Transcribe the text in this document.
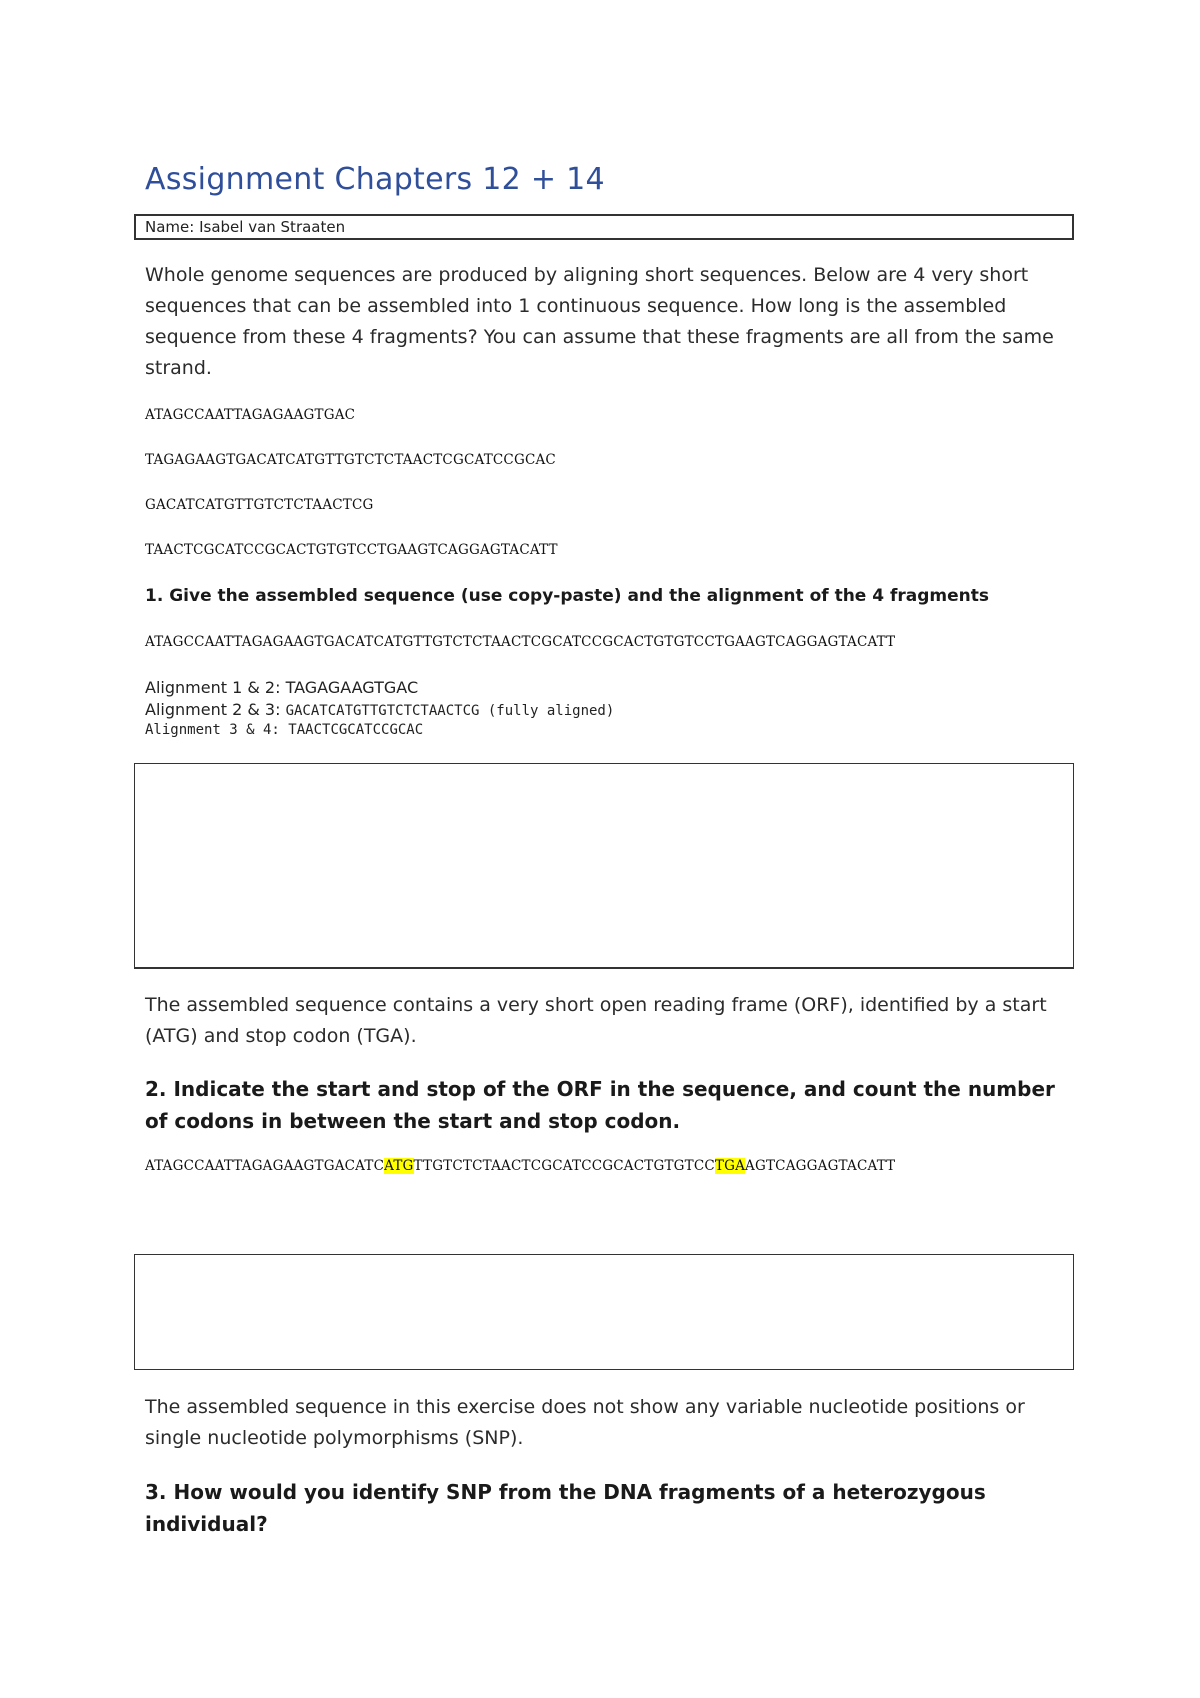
Assignment Chapters 12 + 14
Name: Isabel van Straaten
Whole genome sequences are produced by aligning short sequences. Below are 4 very short sequences that can be assembled into 1 continuous sequence. How long is the assembled sequence from these 4 fragments? You can assume that these fragments are all from the same strand.
ATAGCCAATTAGAGAAGTGAC
TAGAGAAGTGACATCATGTTGTCTCTAACTCGCATCCGCAC
GACATCATGTTGTCTCTAACTCG
TAACTCGCATCCGCACTGTGTCCTGAAGTCAGGAGTACATT
1. Give the assembled sequence (use copy-paste) and the alignment of the 4 fragments
ATAGCCAATTAGAGAAGTGACATCATGTTGTCTCTAACTCGCATCCGCACTGTGTCCTGAAGTCAGGAGTACATT
Alignment 1 & 2: TAGAGAAGTGAC
Alignment 2 & 3: GACATCATGTTGTCTCTAACTCG (fully aligned)
Alignment 3 & 4: TAACTCGCATCCGCAC
The assembled sequence contains a very short open reading frame (ORF), identified by a start (ATG) and stop codon (TGA).
2. Indicate the start and stop of the ORF in the sequence, and count the number of codons in between the start and stop codon.
ATAGCCAATTAGAGAAGTGACATCATGTTGTCTCTAACTCGCATCCGCACTGTGTCCTGAAGTCAGGAGTACATT
The assembled sequence in this exercise does not show any variable nucleotide positions or single nucleotide polymorphisms (SNP).
3. How would you identify SNP from the DNA fragments of a heterozygous individual?
